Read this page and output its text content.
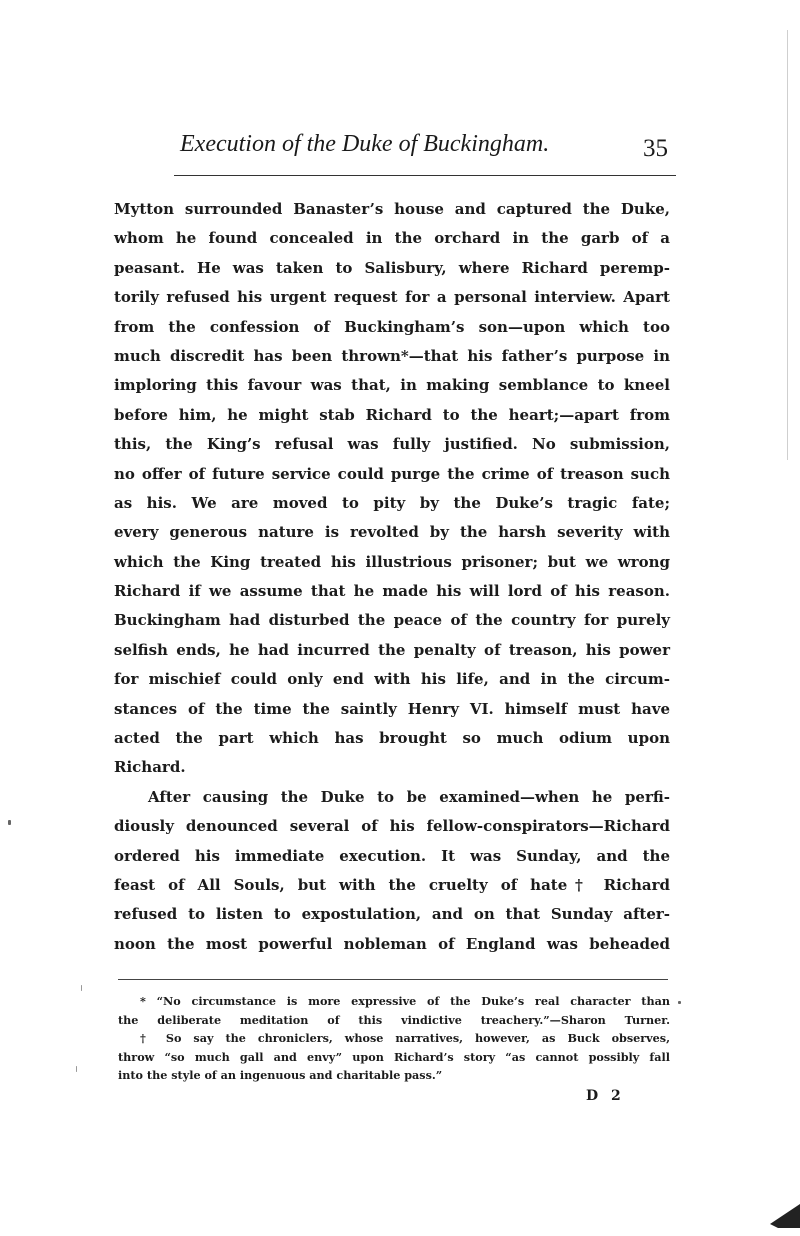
Execution of the Duke of Buckingham.	35
Mytton surrounded Banaster’s house and captured the Duke,
whom he found concealed in the orchard in the garb of a
peasant. He was taken to Salisbury, where Richard peremp-
torily refused his urgent request for a personal interview. Apart
from the confession of Buckingham’s son—upon which too
much discredit has been thrown*—that his father’s purpose in
imploring this favour was that, in making semblance to kneel
before him, he might stab Richard to the heart;—apart from
this, the King’s refusal was fully justified. No submission,
no offer of future service could purge the crime of treason such
as his. We are moved to pity by the Duke’s tragic fate;
every generous nature is revolted by the harsh severity with
which the King treated his illustrious prisoner; but we wrong
Richard if we assume that he made his will lord of his reason.
Buckingham had disturbed the peace of the country for purely
selfish ends, he had incurred the penalty of treason, his power
for mischief could only end with his life, and in the circum-
stances of the time the saintly Henry VI. himself must have
acted the part which has brought so much odium upon
Richard.
After causing the Duke to be examined—when he perfi-
diously denounced several of his fellow-conspirators—Richard
ordered his immediate execution. It was Sunday, and the
feast of All Souls, but with the cruelty of hate† Richard
refused to listen to expostulation, and on that Sunday after-
noon the most powerful nobleman of England was beheaded
* “No circumstance is more expressive of the Duke’s real character than
the deliberate meditation of this vindictive treachery.”—Sharon Turner.
† So say the chroniclers, whose narratives, however, as Buck observes,
throw “so much gall and envy” upon Richard’s story “as cannot possibly fall
into the style of an ingenuous and charitable pass.”
D 2
